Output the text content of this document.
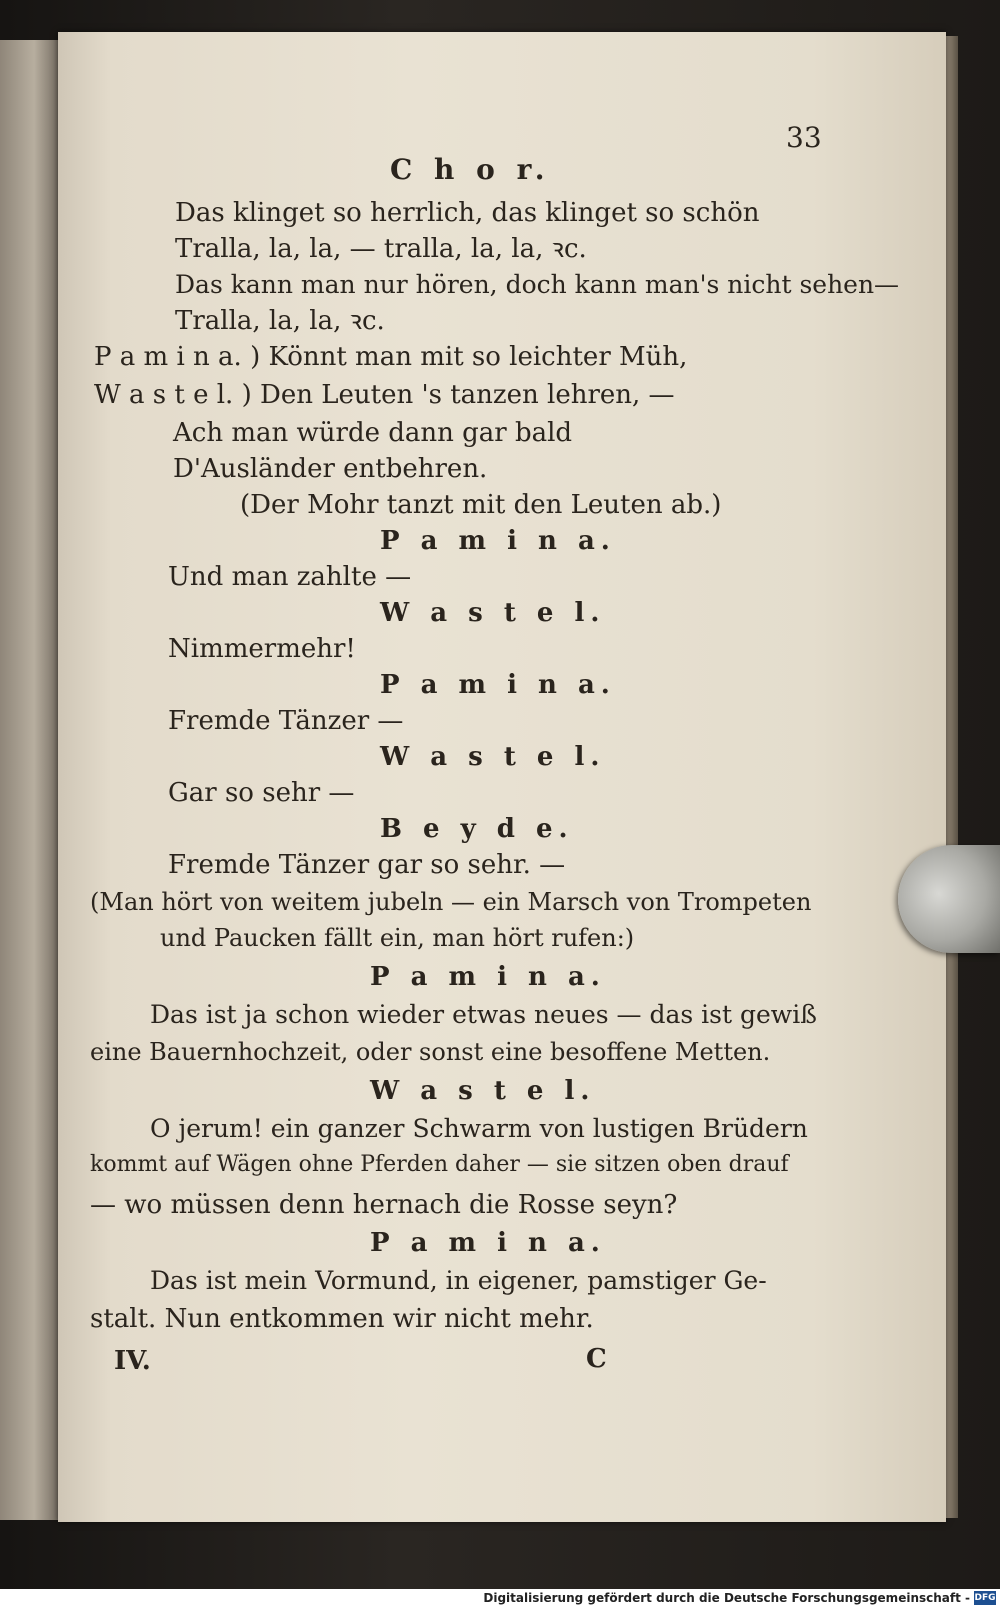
33
C h o r.
Das klinget so herrlich, das klinget so schön
Tralla, la, la, — tralla, la, la, ꝛc.
Das kann man nur hören, doch kann man's nicht sehen—
Tralla, la, la, ꝛc.
P a m i n a. ) Könnt man mit so leichter Müh,
W a s t e l. ) Den Leuten 's tanzen lehren, —
Ach man würde dann gar bald
D'Ausländer entbehren.
(Der Mohr tanzt mit den Leuten ab.)
P a m i n a.
Und man zahlte —
W a s t e l.
Nimmermehr!
P a m i n a.
Fremde Tänzer —
W a s t e l.
Gar so sehr —
B e y d e.
Fremde Tänzer gar so sehr. —
(Man hört von weitem jubeln — ein Marsch von Trompeten
und Paucken fällt ein, man hört rufen:)
P a m i n a.
Das ist ja schon wieder etwas neues — das ist gewiß
eine Bauernhochzeit, oder sonst eine besoffene Metten.
W a s t e l.
O jerum! ein ganzer Schwarm von lustigen Brüdern
kommt auf Wägen ohne Pferden daher — sie sitzen oben drauf
— wo müssen denn hernach die Rosse seyn?
P a m i n a.
Das ist mein Vormund, in eigener, pamstiger Ge-
stalt. Nun entkommen wir nicht mehr.
IV.	C
Digitalisierung gefördert durch die Deutsche Forschungsgemeinschaft - DFG
